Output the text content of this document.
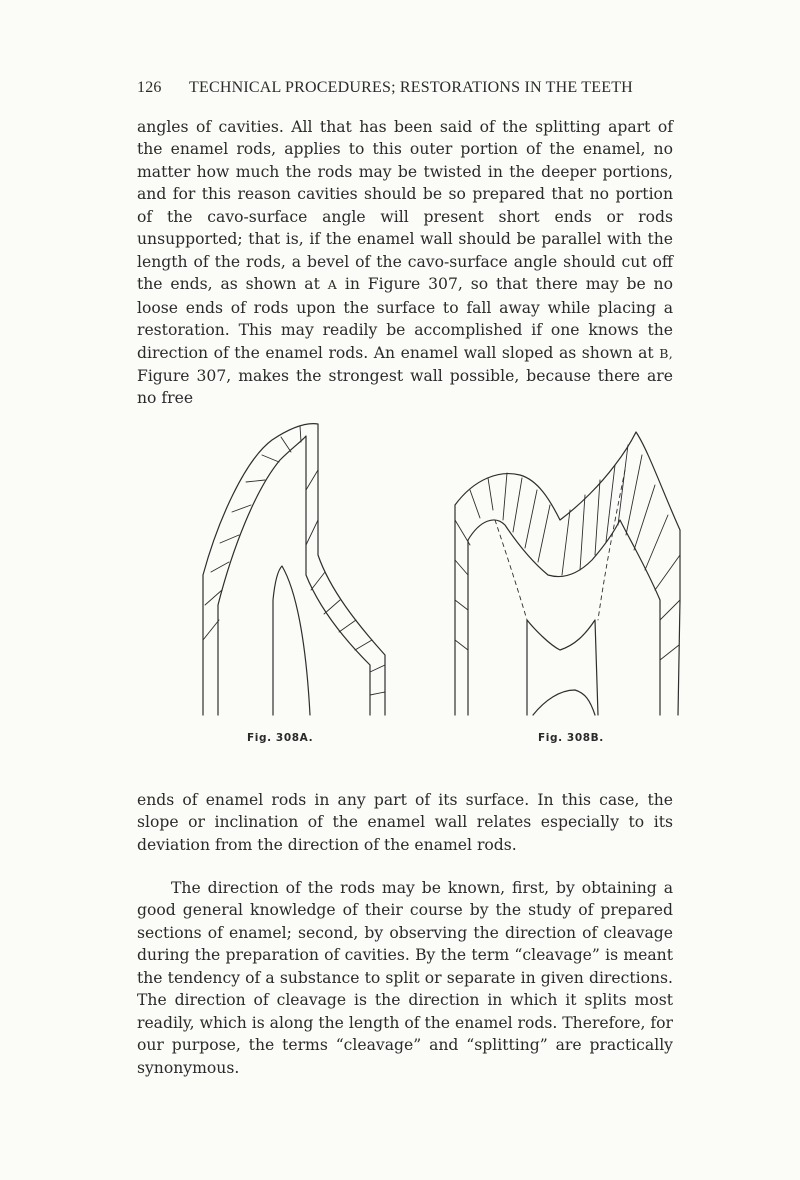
126 TECHNICAL PROCEDURES; RESTORATIONS IN THE TEETH

angles of cavities. All that has been said of the splitting apart of the enamel rods, applies to this outer portion of the enamel, no matter how much the rods may be twisted in the deeper portions, and for this reason cavities should be so prepared that no portion of the cavo-surface angle will present short ends or rods unsupported; that is, if the enamel wall should be parallel with the length of the rods, a bevel of the cavo-surface angle should cut off the ends, as shown at A in Figure 307, so that there may be no loose ends of rods upon the surface to fall away while placing a restoration. This may readily be accomplished if one knows the direction of the enamel rods. An enamel wall sloped as shown at B, Figure 307, makes the strongest wall possible, because there are no free

Fig. 308A.	Fig. 308B.

ends of enamel rods in any part of its surface. In this case, the slope or inclination of the enamel wall relates especially to its deviation from the direction of the enamel rods.

The direction of the rods may be known, first, by obtaining a good general knowledge of their course by the study of prepared sections of enamel; second, by observing the direction of cleavage during the preparation of cavities. By the term “cleavage” is meant the tendency of a substance to split or separate in given directions. The direction of cleavage is the direction in which it splits most readily, which is along the length of the enamel rods. Therefore, for our purpose, the terms “cleavage” and “splitting” are practically synonymous.
